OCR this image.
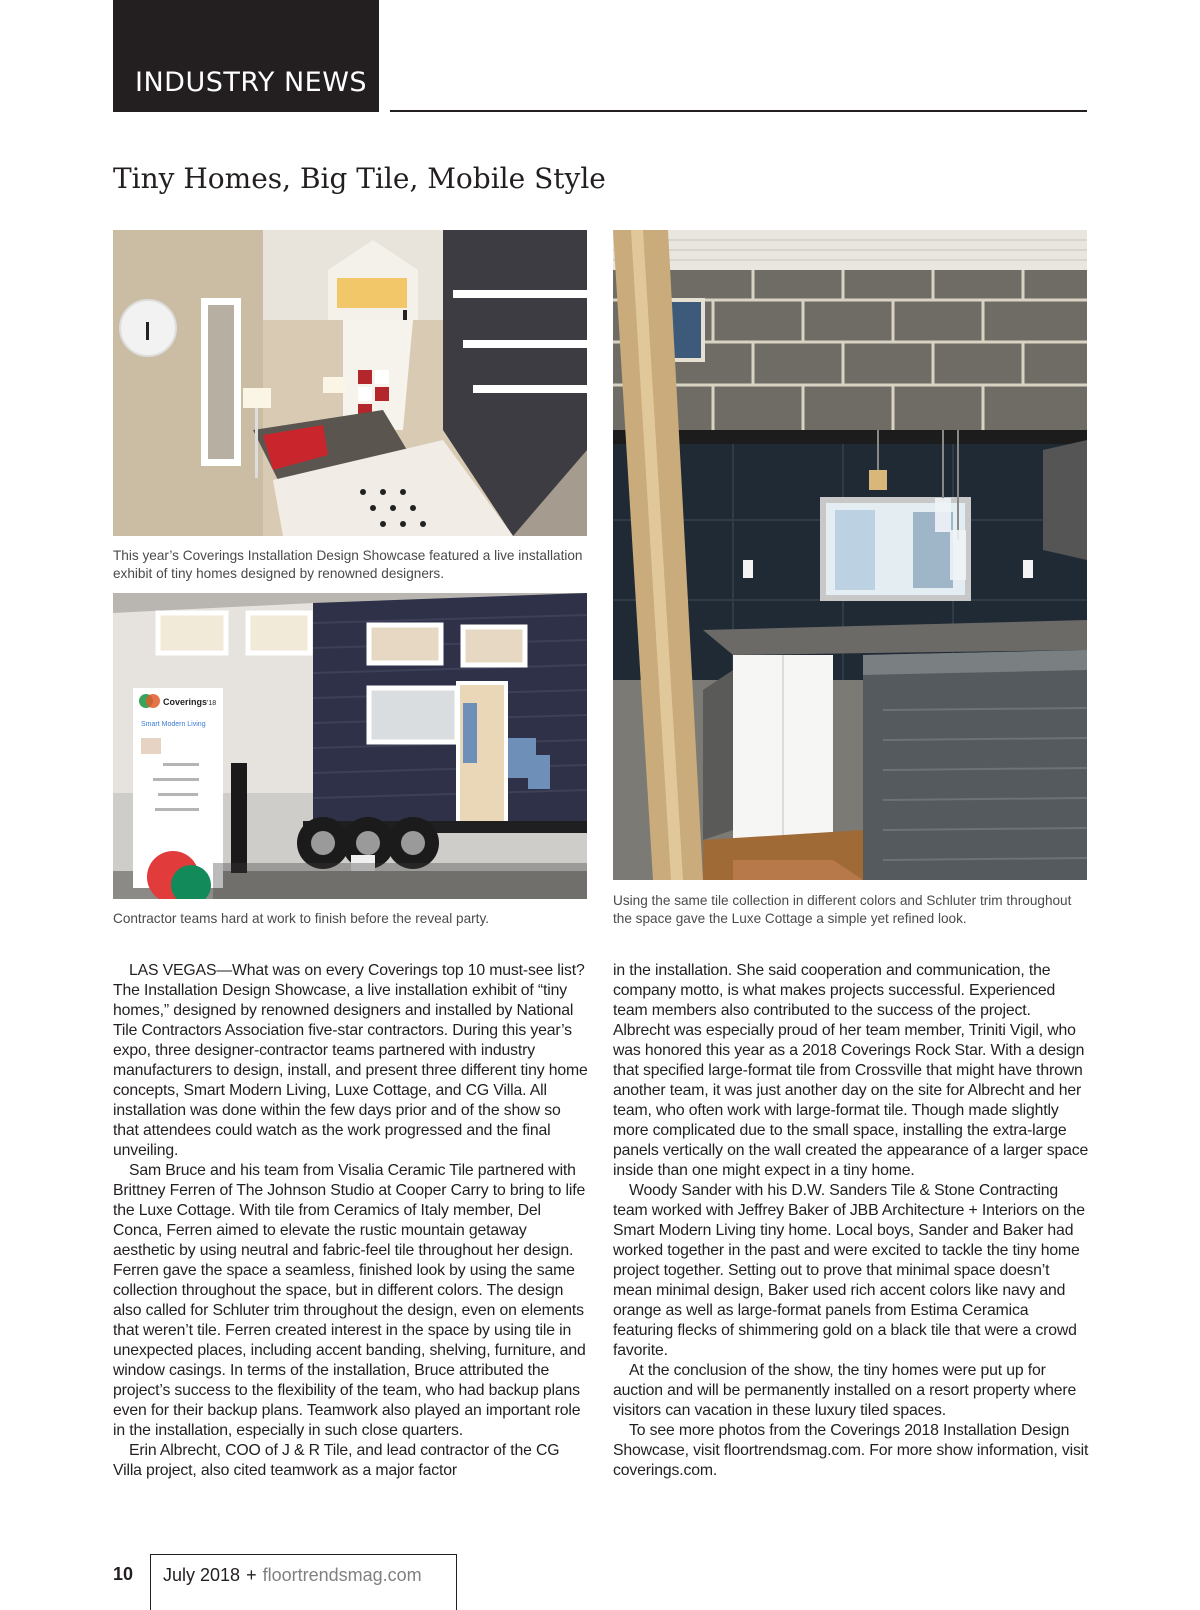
INDUSTRY NEWS
Tiny Homes, Big Tile, Mobile Style
This year’s Coverings Installation Design Showcase featured a live installation exhibit of tiny homes designed by renowned designers.
Coverings '18
Smart Modern Living
Contractor teams hard at work to finish before the reveal party.
Using the same tile collection in different colors and Schluter trim throughout the space gave the Luxe Cottage a simple yet refined look.

LAS VEGAS—What was on every Coverings top 10 must-see list? The Installation Design Showcase, a live installation exhibit of “tiny homes,” designed by renowned designers and installed by National Tile Contractors Association five-star contractors. During this year’s expo, three designer-contractor teams partnered with industry manufacturers to design, install, and present three different tiny home concepts, Smart Modern Living, Luxe Cottage, and CG Villa. All installation was done within the few days prior and of the show so that attendees could watch as the work progressed and the final unveiling.

Sam Bruce and his team from Visalia Ceramic Tile partnered with Brittney Ferren of The Johnson Studio at Cooper Carry to bring to life the Luxe Cottage. With tile from Ceramics of Italy member, Del Conca, Ferren aimed to elevate the rustic mountain getaway aesthetic by using neutral and fabric-feel tile throughout her design. Ferren gave the space a seamless, finished look by using the same collection throughout the space, but in different colors. The design also called for Schluter trim throughout the design, even on elements that weren’t tile. Ferren created interest in the space by using tile in unexpected places, including accent banding, shelving, furniture, and window casings. In terms of the installation, Bruce attributed the project’s success to the flexibility of the team, who had backup plans even for their backup plans. Teamwork also played an important role in the installation, especially in such close quarters.

Erin Albrecht, COO of J & R Tile, and lead contractor of the CG Villa project, also cited teamwork as a major factor

in the installation. She said cooperation and communication, the company motto, is what makes projects successful. Experienced team members also contributed to the success of the project. Albrecht was especially proud of her team member, Triniti Vigil, who was honored this year as a 2018 Coverings Rock Star. With a design that specified large-format tile from Crossville that might have thrown another team, it was just another day on the site for Albrecht and her team, who often work with large-format tile. Though made slightly more complicated due to the small space, installing the extra-large panels vertically on the wall created the appearance of a larger space inside than one might expect in a tiny home.

Woody Sander with his D.W. Sanders Tile & Stone Contracting team worked with Jeffrey Baker of JBB Architecture + Interiors on the Smart Modern Living tiny home. Local boys, Sander and Baker had worked together in the past and were excited to tackle the tiny home project together. Setting out to prove that minimal space doesn’t mean minimal design, Baker used rich accent colors like navy and orange as well as large-format panels from Estima Ceramica featuring flecks of shimmering gold on a black tile that were a crowd favorite.

At the conclusion of the show, the tiny homes were put up for auction and will be permanently installed on a resort property where visitors can vacation in these luxury tiled spaces.

To see more photos from the Coverings 2018 Installation Design Showcase, visit floortrendsmag.com. For more show information, visit coverings.com.

10 July 2018 + floortrendsmag.com
